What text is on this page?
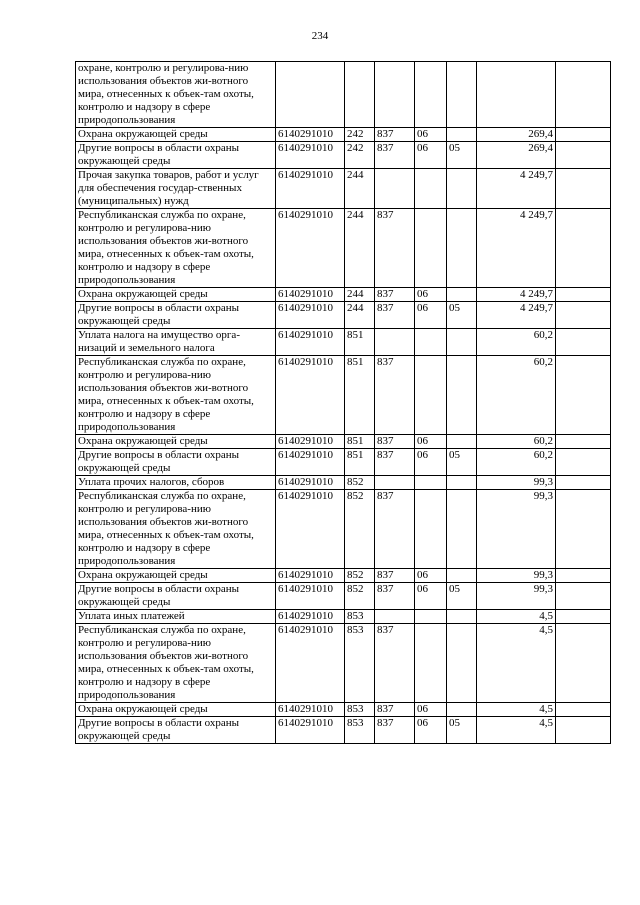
234
охране, контролю и регулирова-нию использования объектов жи-вотного мира, отнесенных к объек-там охоты, контролю и надзору в сфере природопользования							
Охрана окружающей среды	6140291010	242	837	06		269,4	
Другие вопросы в области охраны окружающей среды	6140291010	242	837	06	05	269,4	
Прочая закупка товаров, работ и услуг для обеспечения государ-ственных (муниципальных) нужд	6140291010	244				4 249,7	
Республиканская служба по охране, контролю и регулирова-нию использования объектов жи-вотного мира, отнесенных к объек-там охоты, контролю и надзору в сфере природопользования	6140291010	244	837			4 249,7	
Охрана окружающей среды	6140291010	244	837	06		4 249,7	
Другие вопросы в области охраны окружающей среды	6140291010	244	837	06	05	4 249,7	
Уплата налога на имущество орга-низаций и земельного налога	6140291010	851				60,2	
Республиканская служба по охране, контролю и регулирова-нию использования объектов жи-вотного мира, отнесенных к объек-там охоты, контролю и надзору в сфере природопользования	6140291010	851	837			60,2	
Охрана окружающей среды	6140291010	851	837	06		60,2	
Другие вопросы в области охраны окружающей среды	6140291010	851	837	06	05	60,2	
Уплата прочих налогов, сборов	6140291010	852				99,3	
Республиканская служба по охране, контролю и регулирова-нию использования объектов жи-вотного мира, отнесенных к объек-там охоты, контролю и надзору в сфере природопользования	6140291010	852	837			99,3	
Охрана окружающей среды	6140291010	852	837	06		99,3	
Другие вопросы в области охраны окружающей среды	6140291010	852	837	06	05	99,3	
Уплата иных платежей	6140291010	853				4,5	
Республиканская служба по охране, контролю и регулирова-нию использования объектов жи-вотного мира, отнесенных к объек-там охоты, контролю и надзору в сфере природопользования	6140291010	853	837			4,5	
Охрана окружающей среды	6140291010	853	837	06		4,5	
Другие вопросы в области охраны окружающей среды	6140291010	853	837	06	05	4,5	
